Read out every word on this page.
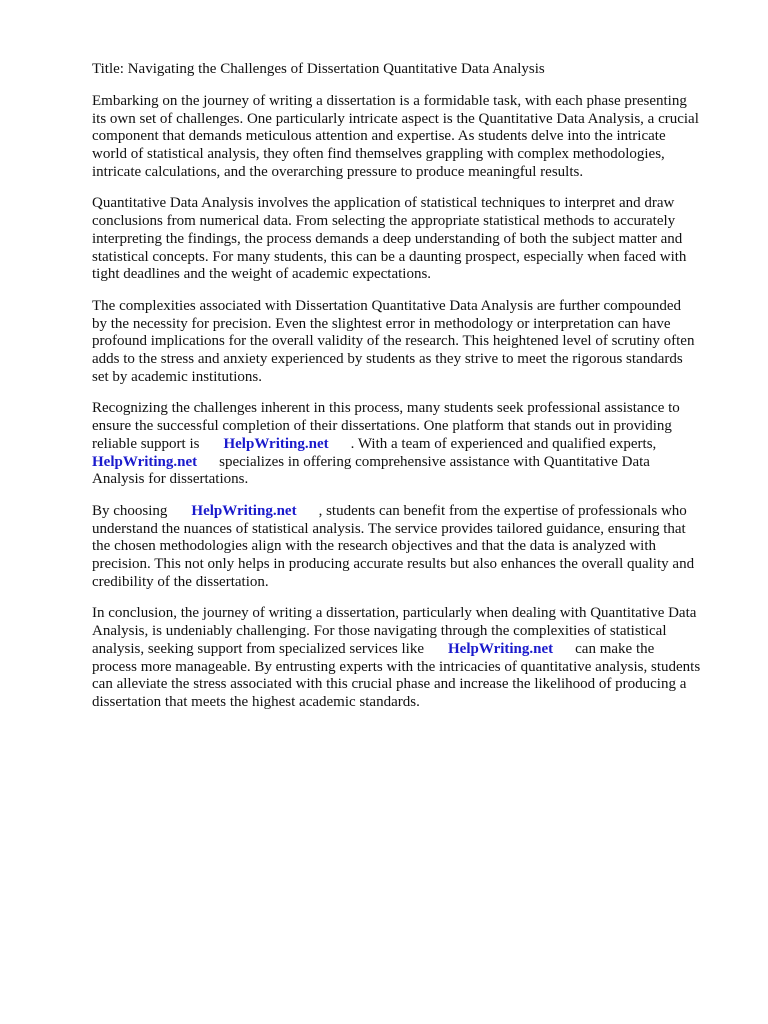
Title: Navigating the Challenges of Dissertation Quantitative Data Analysis
Embarking on the journey of writing a dissertation is a formidable task, with each phase presenting
its own set of challenges. One particularly intricate aspect is the Quantitative Data Analysis, a crucial
component that demands meticulous attention and expertise. As students delve into the intricate
world of statistical analysis, they often find themselves grappling with complex methodologies,
intricate calculations, and the overarching pressure to produce meaningful results.
Quantitative Data Analysis involves the application of statistical techniques to interpret and draw
conclusions from numerical data. From selecting the appropriate statistical methods to accurately
interpreting the findings, the process demands a deep understanding of both the subject matter and
statistical concepts. For many students, this can be a daunting prospect, especially when faced with
tight deadlines and the weight of academic expectations.
The complexities associated with Dissertation Quantitative Data Analysis are further compounded
by the necessity for precision. Even the slightest error in methodology or interpretation can have
profound implications for the overall validity of the research. This heightened level of scrutiny often
adds to the stress and anxiety experienced by students as they strive to meet the rigorous standards
set by academic institutions.
Recognizing the challenges inherent in this process, many students seek professional assistance to
ensure the successful completion of their dissertations. One platform that stands out in providing
reliable support is HelpWriting.net . With a team of experienced and qualified experts,
HelpWriting.net specializes in offering comprehensive assistance with Quantitative Data
Analysis for dissertations.
By choosing HelpWriting.net , students can benefit from the expertise of professionals who
understand the nuances of statistical analysis. The service provides tailored guidance, ensuring that
the chosen methodologies align with the research objectives and that the data is analyzed with
precision. This not only helps in producing accurate results but also enhances the overall quality and
credibility of the dissertation.
In conclusion, the journey of writing a dissertation, particularly when dealing with Quantitative Data
Analysis, is undeniably challenging. For those navigating through the complexities of statistical
analysis, seeking support from specialized services like HelpWriting.net can make the
process more manageable. By entrusting experts with the intricacies of quantitative analysis, students
can alleviate the stress associated with this crucial phase and increase the likelihood of producing a
dissertation that meets the highest academic standards.
